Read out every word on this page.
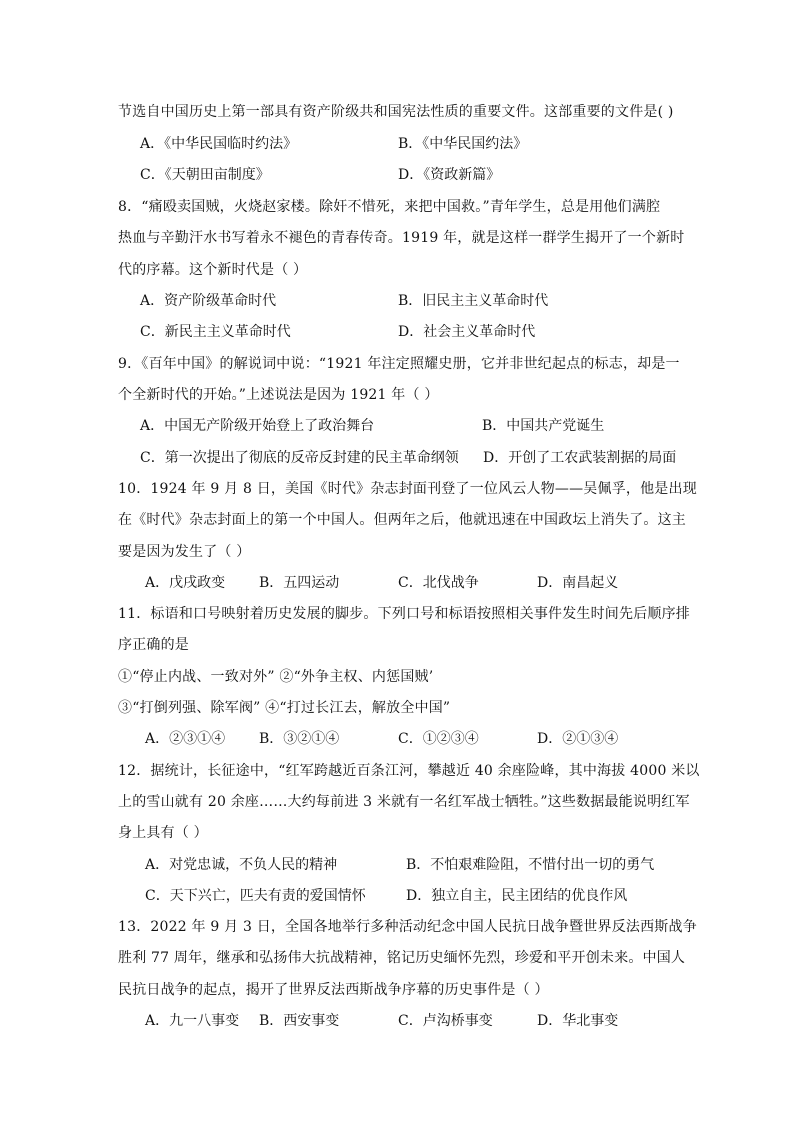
节选自中国历史上第一部具有资产阶级共和国宪法性质的重要文件。这部重要的文件是( )
A．《中华民国临时约法》	B．《中华民国约法》
C．《天朝田亩制度》	D．《资政新篇》
8．“痛殴卖国贼，火烧赵家楼。除奸不惜死，来把中国救。”青年学生，总是用他们满腔
热血与辛勤汗水书写着永不褪色的青春传奇。1919 年，就是这样一群学生揭开了一个新时
代的序幕。这个新时代是（ ）
A．资产阶级革命时代	B．旧民主主义革命时代
C．新民主主义革命时代	D．社会主义革命时代
9．《百年中国》的解说词中说：“1921 年注定照耀史册，它并非世纪起点的标志，却是一
个全新时代的开始。”上述说法是因为 1921 年（ ）
A．中国无产阶级开始登上了政治舞台	B．中国共产党诞生
C．第一次提出了彻底的反帝反封建的民主革命纲领 D．开创了工农武装割据的局面
10．1924 年 9 月 8 日，美国《时代》杂志封面刊登了一位风云人物——吴佩孚，他是出现
在《时代》杂志封面上的第一个中国人。但两年之后，他就迅速在中国政坛上消失了。这主
要是因为发生了（ ）
A．戊戌政变 B．五四运动	C．北伐战争	D．南昌起义
11．标语和口号映射着历史发展的脚步。下列口号和标语按照相关事件发生时间先后顺序排
序正确的是
①“停止内战、一致对外” ②“外争主权、内惩国贼’
③“打倒列强、除军阀” ④“打过长江去，解放全中国”
A．②③①④ B．③②①④	C．①②③④	D．②①③④
12．据统计，长征途中，“红军跨越近百条江河，攀越近 40 余座险峰，其中海拔 4000 米以
上的雪山就有 20 余座……大约每前进 3 米就有一名红军战士牺牲。”这些数据最能说明红军
身上具有（ ）
A．对党忠诚，不负人民的精神	B．不怕艰难险阻，不惜付出一切的勇气
C．天下兴亡，匹夫有责的爱国情怀	D．独立自主，民主团结的优良作风
13．2022 年 9 月 3 日，全国各地举行多种活动纪念中国人民抗日战争暨世界反法西斯战争
胜利 77 周年，继承和弘扬伟大抗战精神，铭记历史缅怀先烈，珍爱和平开创未来。中国人
民抗日战争的起点，揭开了世界反法西斯战争序幕的历史事件是（ ）
A．九一八事变 B．西安事变	C．卢沟桥事变	D．华北事变
